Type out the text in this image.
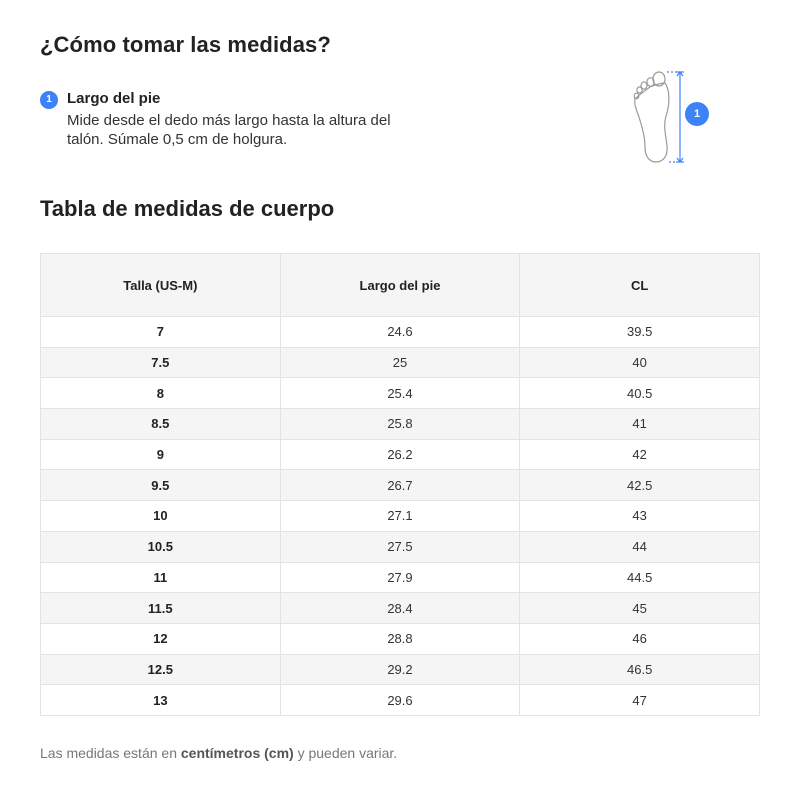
¿Cómo tomar las medidas?
1	Largo del pie
Mide desde el dedo más largo hasta la altura del talón. Súmale 0,5 cm de holgura.
1
Tabla de medidas de cuerpo
Talla (US-M)	Largo del pie	CL
7	24.6	39.5
7.5	25	40
8	25.4	40.5
8.5	25.8	41
9	26.2	42
9.5	26.7	42.5
10	27.1	43
10.5	27.5	44
11	27.9	44.5
11.5	28.4	45
12	28.8	46
12.5	29.2	46.5
13	29.6	47
Las medidas están en centímetros (cm) y pueden variar.
